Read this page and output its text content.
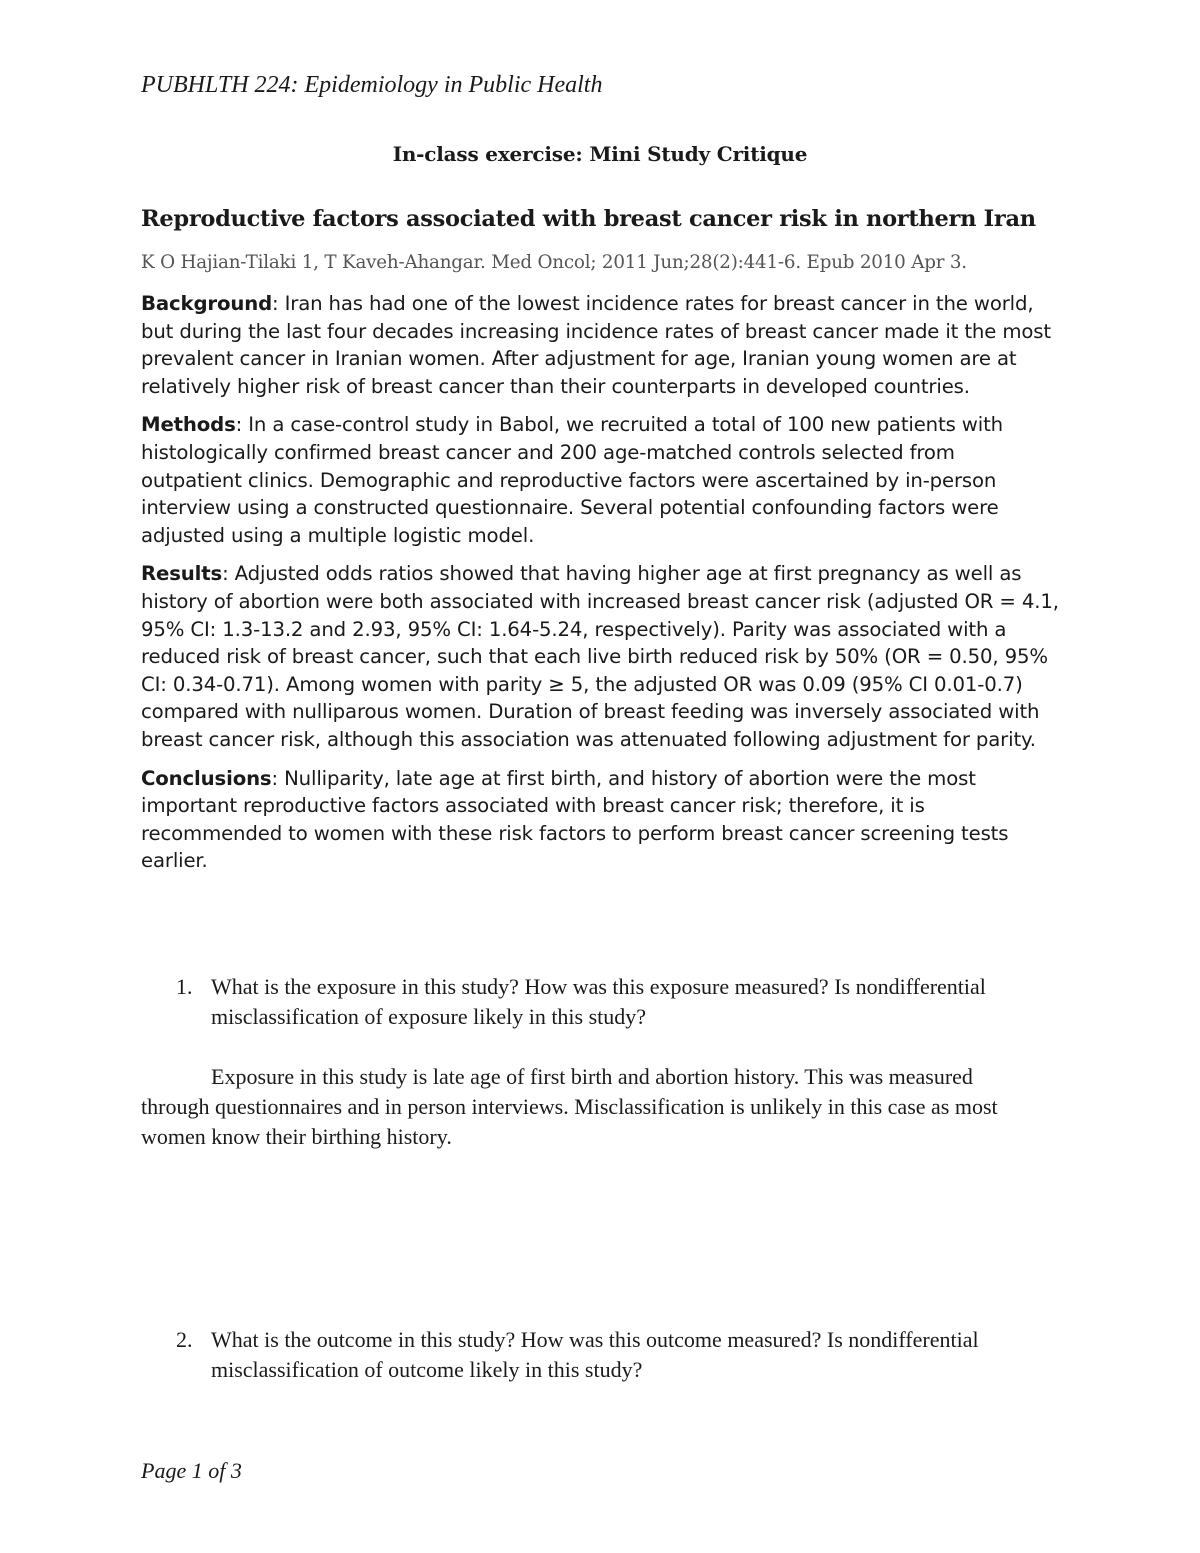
PUBHLTH 224: Epidemiology in Public Health
In-class exercise: Mini Study Critique
Reproductive factors associated with breast cancer risk in northern Iran
K O Hajian-Tilaki 1, T Kaveh-Ahangar. Med Oncol; 2011 Jun;28(2):441-6. Epub 2010 Apr 3.

Background: Iran has had one of the lowest incidence rates for breast cancer in the world, but during the last four decades increasing incidence rates of breast cancer made it the most prevalent cancer in Iranian women. After adjustment for age, Iranian young women are at relatively higher risk of breast cancer than their counterparts in developed countries.

Methods: In a case-control study in Babol, we recruited a total of 100 new patients with histologically confirmed breast cancer and 200 age-matched controls selected from outpatient clinics. Demographic and reproductive factors were ascertained by in-person interview using a constructed questionnaire. Several potential confounding factors were adjusted using a multiple logistic model.

Results: Adjusted odds ratios showed that having higher age at first pregnancy as well as history of abortion were both associated with increased breast cancer risk (adjusted OR = 4.1, 95% CI: 1.3-13.2 and 2.93, 95% CI: 1.64-5.24, respectively). Parity was associated with a reduced risk of breast cancer, such that each live birth reduced risk by 50% (OR = 0.50, 95% CI: 0.34-0.71). Among women with parity ≥ 5, the adjusted OR was 0.09 (95% CI 0.01-0.7) compared with nulliparous women. Duration of breast feeding was inversely associated with breast cancer risk, although this association was attenuated following adjustment for parity.

Conclusions: Nulliparity, late age at first birth, and history of abortion were the most important reproductive factors associated with breast cancer risk; therefore, it is recommended to women with these risk factors to perform breast cancer screening tests earlier.

1. What is the exposure in this study? How was this exposure measured? Is nondifferential misclassification of exposure likely in this study?
Exposure in this study is late age of first birth and abortion history. This was measured through questionnaires and in person interviews. Misclassification is unlikely in this case as most women know their birthing history.
2. What is the outcome in this study? How was this outcome measured? Is nondifferential misclassification of outcome likely in this study?
Page 1 of 3
